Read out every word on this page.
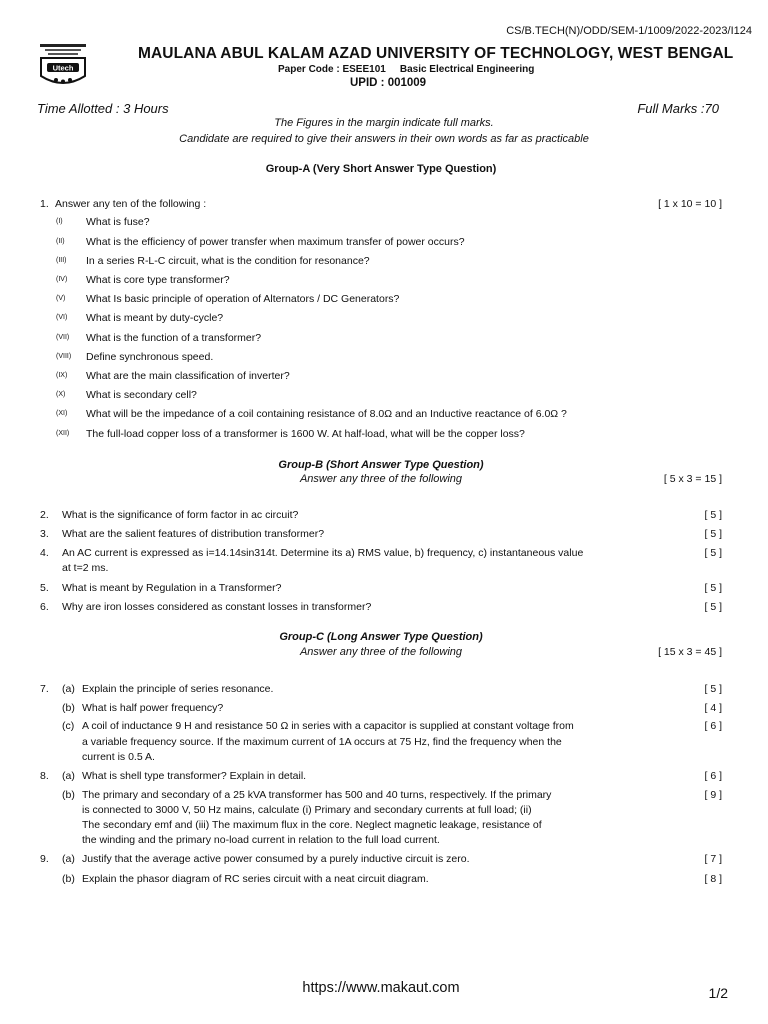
CS/B.TECH(N)/ODD/SEM-1/1009/2022-2023/I124
Utech
MAULANA ABUL KALAM AZAD UNIVERSITY OF TECHNOLOGY, WEST BENGAL
Paper Code : ESEE101 Basic Electrical Engineering
UPID : 001009
Time Allotted : 3 Hours	Full Marks :70
The Figures in the margin indicate full marks.
Candidate are required to give their answers in their own words as far as practicable
Group-A (Very Short Answer Type Question)
1. Answer any ten of the following :	[ 1 x 10 = 10 ]
(I)	What is fuse?
(II)	What is the efficiency of power transfer when maximum transfer of power occurs?
(III)	In a series R-L-C circuit, what is the condition for resonance?
(IV)	What is core type transformer?
(V)	What Is basic principle of operation of Alternators / DC Generators?
(VI)	What is meant by duty-cycle?
(VII)	What is the function of a transformer?
(VIII)	Define synchronous speed.
(IX)	What are the main classification of inverter?
(X)	What is secondary cell?
(XI)	What will be the impedance of a coil containing resistance of 8.0Ω and an Inductive reactance of 6.0Ω ?
(XII)	The full-load copper loss of a transformer is 1600 W. At half-load, what will be the copper loss?
Group-B (Short Answer Type Question)
Answer any three of the following	[ 5 x 3 = 15 ]
2. What is the significance of form factor in ac circuit?	[ 5 ]
3. What are the salient features of distribution transformer?	[ 5 ]
4. An AC current is expressed as i=14.14sin314t. Determine its a) RMS value, b) frequency, c) instantaneous value	[ 5 ]
at t=2 ms.
5. What is meant by Regulation in a Transformer?	[ 5 ]
6. Why are iron losses considered as constant losses in transformer?	[ 5 ]
Group-C (Long Answer Type Question)
Answer any three of the following	[ 15 x 3 = 45 ]
7. (a) Explain the principle of series resonance.	[ 5 ]
(b) What is half power frequency?	[ 4 ]
(c) A coil of inductance 9 H and resistance 50 Ω in series with a capacitor is supplied at constant voltage from	[ 6 ]
a variable frequency source. If the maximum current of 1A occurs at 75 Hz, find the frequency when the
current is 0.5 A.
8. (a) What is shell type transformer? Explain in detail.	[ 6 ]
(b) The primary and secondary of a 25 kVA transformer has 500 and 40 turns, respectively. If the primary	[ 9 ]
is connected to 3000 V, 50 Hz mains, calculate (i) Primary and secondary currents at full load; (ii)
The secondary emf and (iii) The maximum flux in the core. Neglect magnetic leakage, resistance of
the winding and the primary no-load current in relation to the full load current.
9. (a) Justify that the average active power consumed by a purely inductive circuit is zero.	[ 7 ]
(b) Explain the phasor diagram of RC series circuit with a neat circuit diagram.	[ 8 ]
https://www.makaut.com	1/2
